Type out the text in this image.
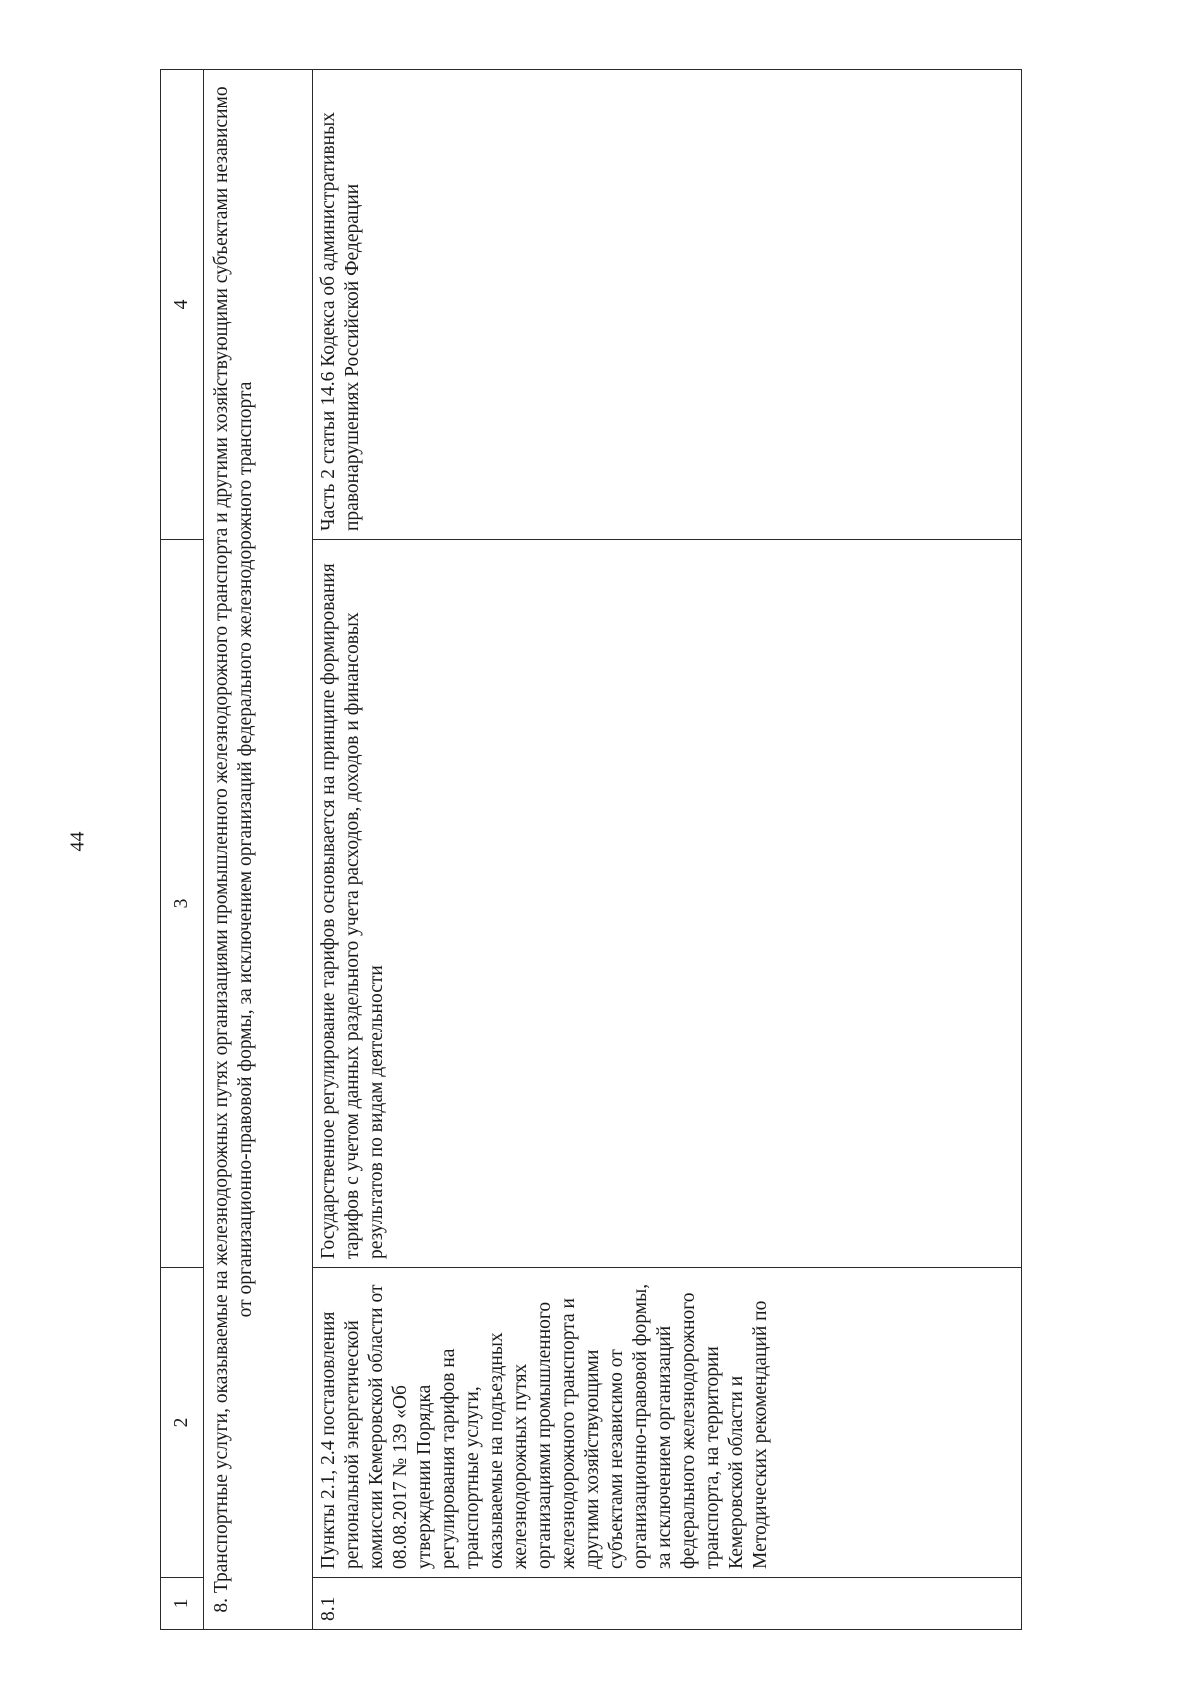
44
1	2	3	4
8. Транспортные услуги, оказываемые на железнодорожных путях организациями промышленного железнодорожного транспорта и другими хозяйствующими субъектами независимо от организационно-правовой формы, за исключением организаций федерального железнодорожного транспорта			
8.1	Пункты 2.1, 2.4 постановления региональной энергетической комиссии Кемеровской области от 08.08.2017 № 139 «Об утверждении Порядка регулирования тарифов на транспортные услуги, оказываемые на подъездных железнодорожных путях организациями промышленного железнодорожного транспорта и другими хозяйствующими субъектами независимо от организационно-правовой формы, за исключением организаций федерального железнодорожного транспорта, на территории Кемеровской области и Методических рекомендаций по	Государственное регулирование тарифов основывается на принципе формирования тарифов с учетом данных раздельного учета расходов, доходов и финансовых результатов по видам деятельности	Часть 2 статьи 14.6 Кодекса об административных правонарушениях Российской Федерации
